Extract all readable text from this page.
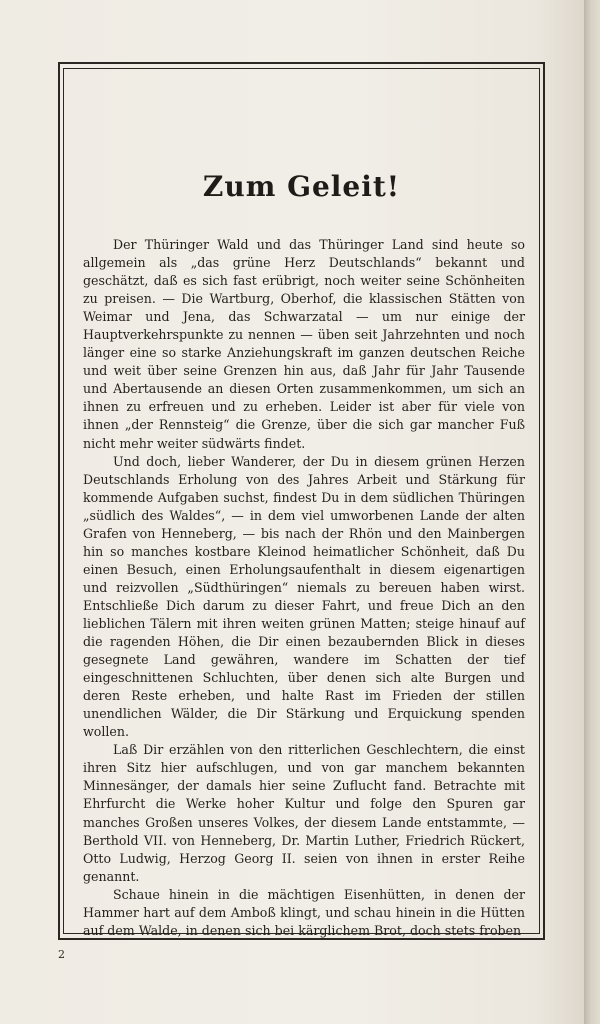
Zum Geleit!

Der Thüringer Wald und das Thüringer Land sind heute so allgemein als „das grüne Herz Deutschlands“ bekannt und geschätzt, daß es sich fast erübrigt, noch weiter seine Schönheiten zu preisen. — Die Wartburg, Oberhof, die klassischen Stätten von Weimar und Jena, das Schwarzatal — um nur einige der Hauptverkehrspunkte zu nennen — üben seit Jahrzehnten und noch länger eine so starke Anziehungskraft im ganzen deutschen Reiche und weit über seine Grenzen hin aus, daß Jahr für Jahr Tausende und Abertausende an diesen Orten zusammenkommen, um sich an ihnen zu erfreuen und zu erheben. Leider ist aber für viele von ihnen „der Rennsteig“ die Grenze, über die sich gar mancher Fuß nicht mehr weiter südwärts findet.

Und doch, lieber Wanderer, der Du in diesem grünen Herzen Deutschlands Erholung von des Jahres Arbeit und Stärkung für kommende Aufgaben suchst, findest Du in dem südlichen Thüringen „südlich des Waldes“, — in dem viel umworbenen Lande der alten Grafen von Henneberg, — bis nach der Rhön und den Mainbergen hin so manches kostbare Kleinod heimatlicher Schönheit, daß Du einen Besuch, einen Erholungsaufenthalt in diesem eigenartigen und reizvollen „Südthüringen“ niemals zu bereuen haben wirst. Entschließe Dich darum zu dieser Fahrt, und freue Dich an den lieblichen Tälern mit ihren weiten grünen Matten; steige hinauf auf die ragenden Höhen, die Dir einen bezaubernden Blick in dieses gesegnete Land gewähren, wandere im Schatten der tief eingeschnittenen Schluchten, über denen sich alte Burgen und deren Reste erheben, und halte Rast im Frieden der stillen unendlichen Wälder, die Dir Stärkung und Erquickung spenden wollen.

Laß Dir erzählen von den ritterlichen Geschlechtern, die einst ihren Sitz hier aufschlugen, und von gar manchem bekannten Minnesänger, der damals hier seine Zuflucht fand. Betrachte mit Ehrfurcht die Werke hoher Kultur und folge den Spuren gar manches Großen unseres Volkes, der diesem Lande entstammte, — Berthold VII. von Henneberg, Dr. Martin Luther, Friedrich Rückert, Otto Ludwig, Herzog Georg II. seien von ihnen in erster Reihe genannt.

Schaue hinein in die mächtigen Eisenhütten, in denen der Hammer hart auf dem Amboß klingt, und schau hinein in die Hütten auf dem Walde, in denen sich bei kärglichem Brot, doch stets froben

2
